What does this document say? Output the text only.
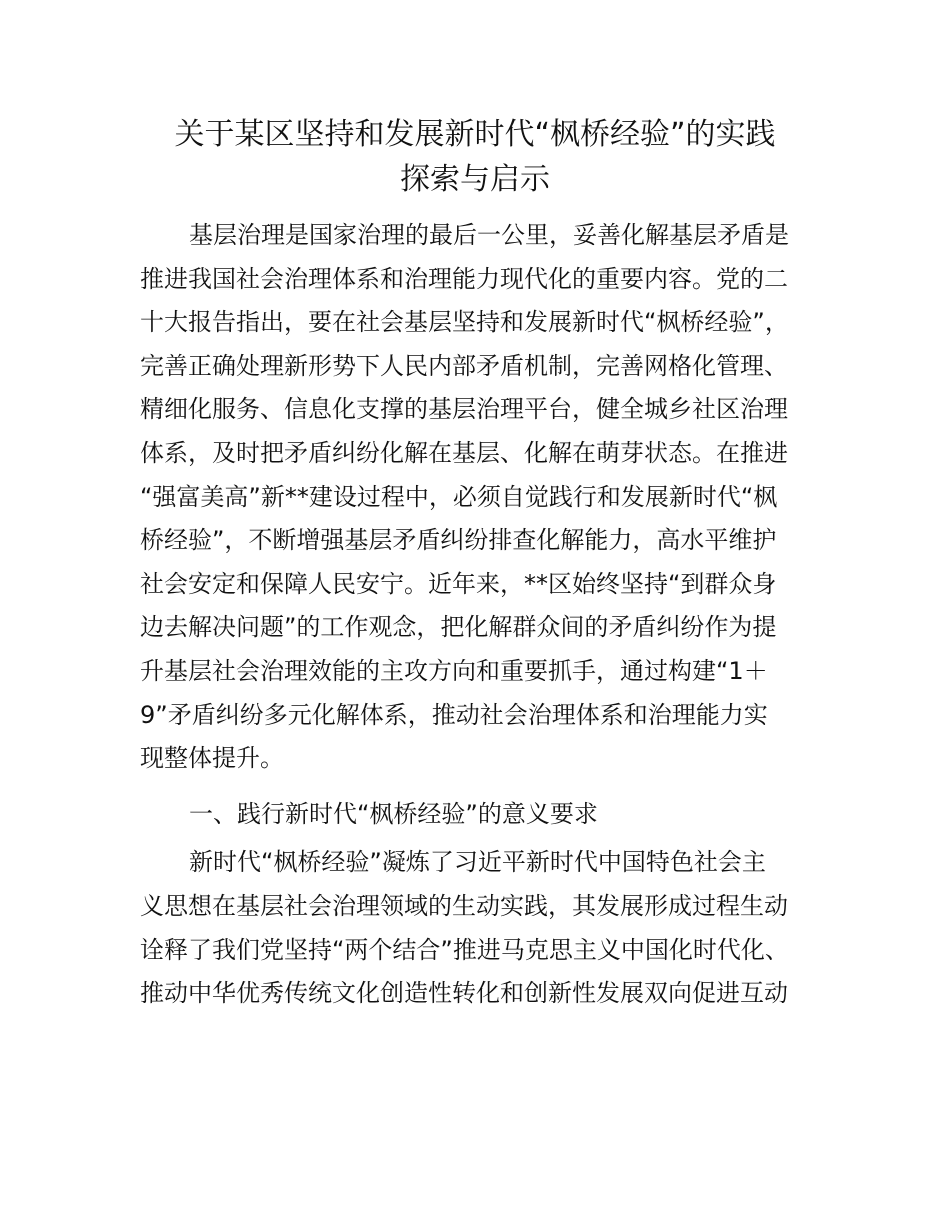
关于某区坚持和发展新时代“枫桥经验”的实践
探索与启示
基层治理是国家治理的最后一公里，妥善化解基层矛盾是
推进我国社会治理体系和治理能力现代化的重要内容。党的二
十大报告指出，要在社会基层坚持和发展新时代“枫桥经验”，
完善正确处理新形势下人民内部矛盾机制，完善网格化管理、
精细化服务、信息化支撑的基层治理平台，健全城乡社区治理
体系，及时把矛盾纠纷化解在基层、化解在萌芽状态。在推进
“强富美高”新**建设过程中，必须自觉践行和发展新时代“枫
桥经验”，不断增强基层矛盾纠纷排查化解能力，高水平维护
社会安定和保障人民安宁。近年来，**区始终坚持“到群众身
边去解决问题”的工作观念，把化解群众间的矛盾纠纷作为提
升基层社会治理效能的主攻方向和重要抓手，通过构建“1＋
9”矛盾纠纷多元化解体系，推动社会治理体系和治理能力实
现整体提升。
一、践行新时代“枫桥经验”的意义要求
新时代“枫桥经验”凝炼了习近平新时代中国特色社会主
义思想在基层社会治理领域的生动实践，其发展形成过程生动
诠释了我们党坚持“两个结合”推进马克思主义中国化时代化、
推动中华优秀传统文化创造性转化和创新性发展双向促进互动
